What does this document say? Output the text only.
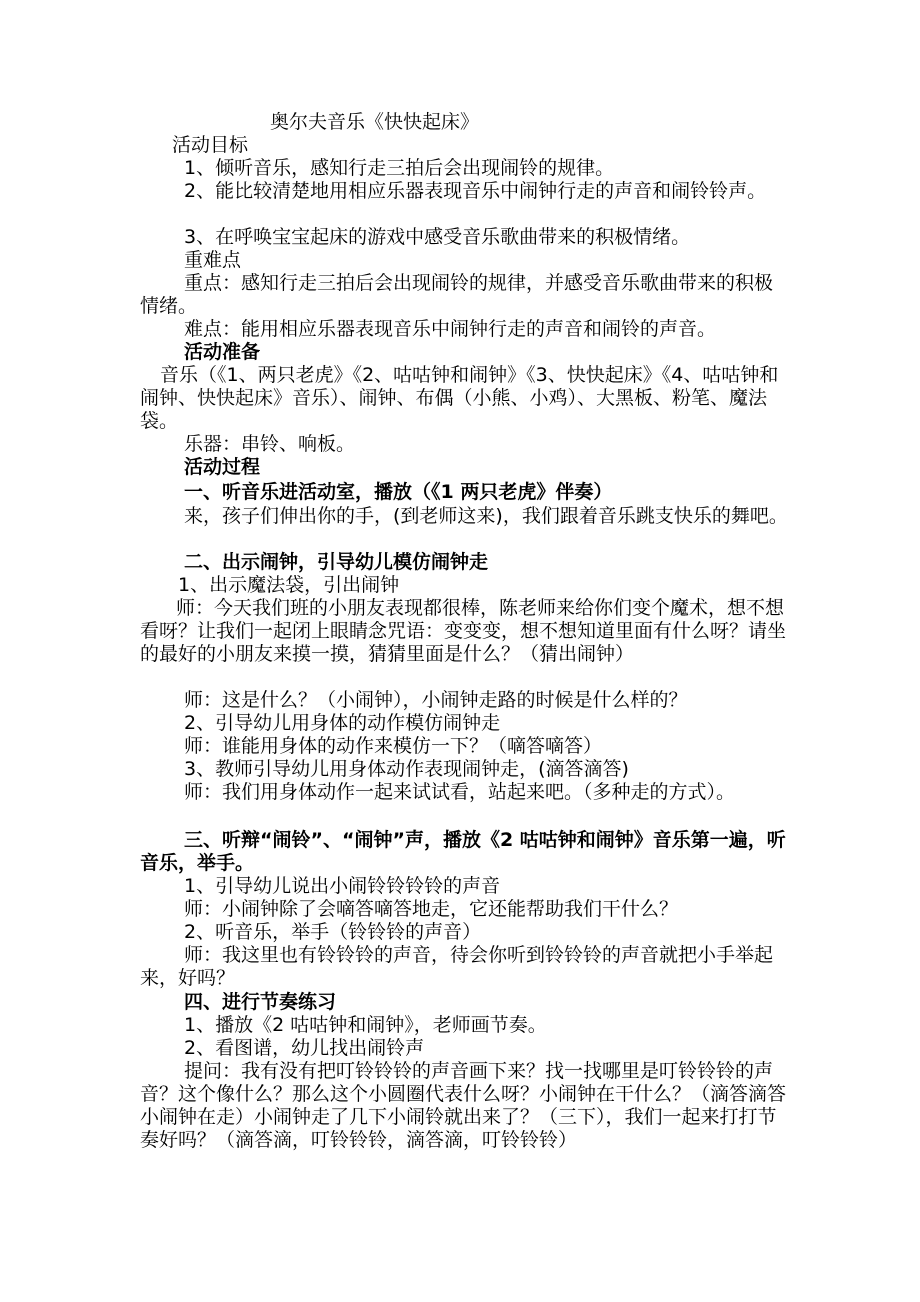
奥尔夫音乐《快快起床》

活动目标

1、倾听音乐，感知行走三拍后会出现闹铃的规律。

2、能比较清楚地用相应乐器表现音乐中闹钟行走的声音和闹铃铃声。

3、在呼唤宝宝起床的游戏中感受音乐歌曲带来的积极情绪。

重难点

重点：感知行走三拍后会出现闹铃的规律，并感受音乐歌曲带来的积极情绪。

难点：能用相应乐器表现音乐中闹钟行走的声音和闹铃的声音。

活动准备

音乐（《1、两只老虎》《2、咕咕钟和闹钟》《3、快快起床》《4、咕咕钟和闹钟、快快起床》音乐）、闹钟、布偶（小熊、小鸡）、大黑板、粉笔、魔法袋。

乐器：串铃、响板。

活动过程

一、听音乐进活动室，播放（《1 两只老虎》伴奏）

来，孩子们伸出你的手，(到老师这来)，我们跟着音乐跳支快乐的舞吧。

二、出示闹钟，引导幼儿模仿闹钟走

1、出示魔法袋，引出闹钟

师：今天我们班的小朋友表现都很棒，陈老师来给你们变个魔术，想不想看呀？让我们一起闭上眼睛念咒语：变变变，想不想知道里面有什么呀？请坐的最好的小朋友来摸一摸，猜猜里面是什么？（猜出闹钟）

师：这是什么？（小闹钟），小闹钟走路的时候是什么样的？

2、引导幼儿用身体的动作模仿闹钟走

师：谁能用身体的动作来模仿一下？（嘀答嘀答）

3、教师引导幼儿用身体动作表现闹钟走，(滴答滴答)

师：我们用身体动作一起来试试看，站起来吧。（多种走的方式）。

三、听辩“闹铃”、“闹钟”声，播放《2 咕咕钟和闹钟》音乐第一遍，听音乐，举手。

1、引导幼儿说出小闹铃铃铃铃的声音

师：小闹钟除了会嘀答嘀答地走，它还能帮助我们干什么？

2、听音乐，举手（铃铃铃的声音）

师：我这里也有铃铃铃的声音，待会你听到铃铃铃的声音就把小手举起来，好吗？

四、进行节奏练习

1、播放《2 咕咕钟和闹钟》，老师画节奏。

2、看图谱，幼儿找出闹铃声

提问：我有没有把叮铃铃铃的声音画下来？找一找哪里是叮铃铃铃的声音？这个像什么？那么这个小圆圈代表什么呀？小闹钟在干什么？（滴答滴答小闹钟在走）小闹钟走了几下小闹铃就出来了？（三下），我们一起来打打节奏好吗？（滴答滴，叮铃铃铃，滴答滴，叮铃铃铃）
